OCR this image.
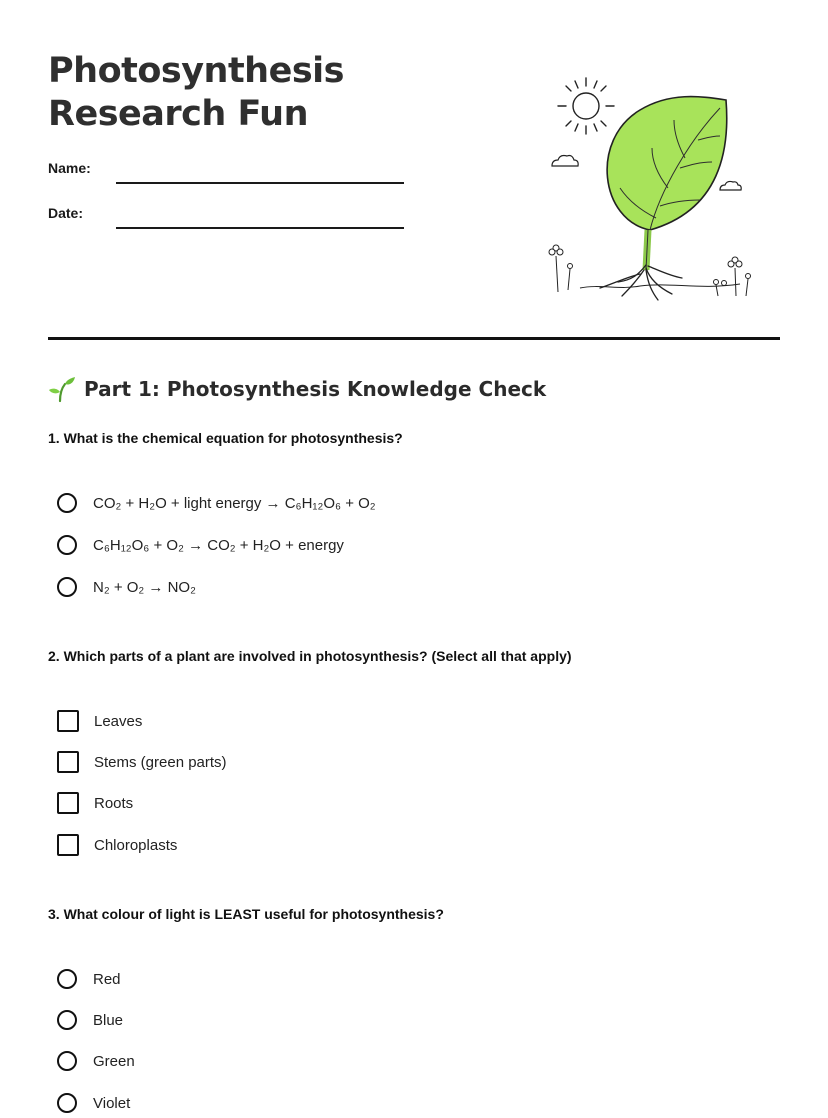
Photosynthesis
Research Fun
Name:
Date:
Part 1: Photosynthesis Knowledge Check
1. What is the chemical equation for photosynthesis?
CO₂ + H₂O + light energy → C₆H₁₂O₆ + O₂
C₆H₁₂O₆ + O₂ → CO₂ + H₂O + energy
N₂ + O₂ → NO₂
2. Which parts of a plant are involved in photosynthesis? (Select all that apply)
Leaves
Stems (green parts)
Roots
Chloroplasts
3. What colour of light is LEAST useful for photosynthesis?
Red
Blue
Green
Violet
